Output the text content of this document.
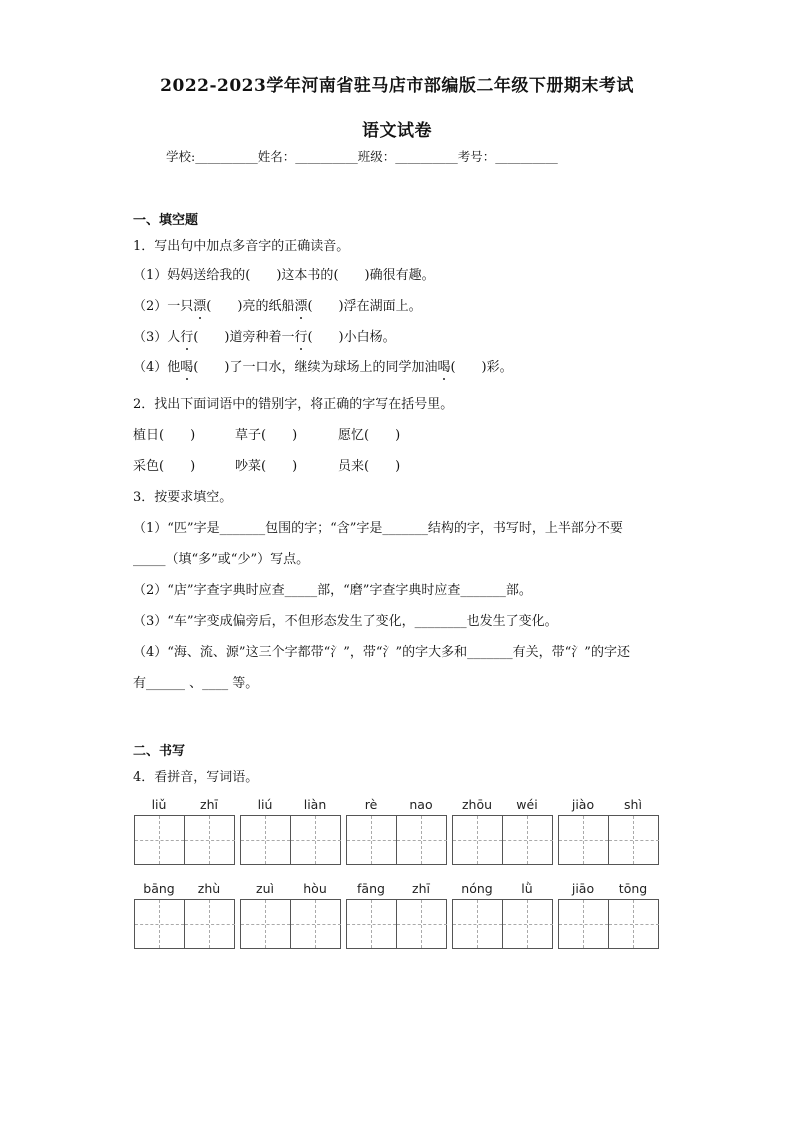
2022-2023学年河南省驻马店市部编版二年级下册期末考试
语文试卷
学校:__________姓名：__________班级：__________考号：__________
一、填空题
1．写出句中加点多音字的正确读音。
（1）妈妈送给我的(　　)这本书的(　　)确很有趣。
（2）一只漂(　　)亮的纸船漂(　　)浮在湖面上。
（3）人行(　　)道旁种着一行(　　)小白杨。
（4）他喝(　　)了一口水，继续为球场上的同学加油喝(　　)彩。
2．找出下面词语中的错别字，将正确的字写在括号里。
植日(　　)	草子(　　)	愿忆(　　)
采色(　　)	吵菜(　　)	员来(　　)
3．按要求填空。
（1）“匹”字是_______包围的字；“含”字是_______结构的字，书写时，上半部分不要
_____（填“多”或“少”）写点。
（2）“店”字查字典时应查_____部，“磨”字查字典时应查_______部。
（3）“车”字变成偏旁后，不但形态发生了变化，________也发生了变化。
（4）“海、流、源”这三个字都带“氵”，带“氵”的字大多和_______有关，带“氵”的字还
有______ 、____ 等。
二、书写
4．看拼音，写词语。
liǔ	zhī	liú	liàn	rè	nao	zhōu	wéi	jiào	shì
bāng	zhù	zuì	hòu	fāng	zhī	nóng	lǜ	jiāo	tōng
